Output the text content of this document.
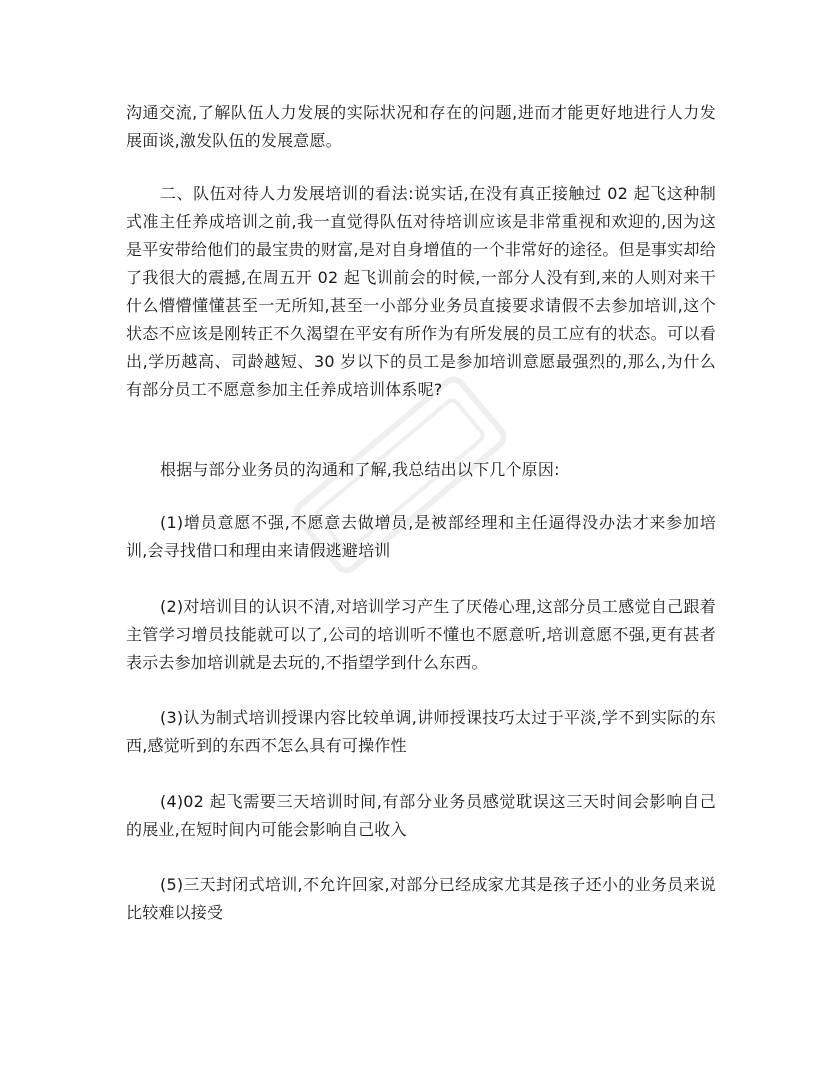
沟通交流,了解队伍人力发展的实际状况和存在的问题,进而才能更好地进行人力发展面谈,激发队伍的发展意愿。

二、队伍对待人力发展培训的看法:说实话,在没有真正接触过 02 起飞这种制式准主任养成培训之前,我一直觉得队伍对待培训应该是非常重视和欢迎的,因为这是平安带给他们的最宝贵的财富,是对自身增值的一个非常好的途径。但是事实却给了我很大的震撼,在周五开 02 起飞训前会的时候,一部分人没有到,来的人则对来干什么懵懵懂懂甚至一无所知,甚至一小部分业务员直接要求请假不去参加培训,这个状态不应该是刚转正不久渴望在平安有所作为有所发展的员工应有的状态。可以看出,学历越高、司龄越短、30 岁以下的员工是参加培训意愿最强烈的,那么,为什么有部分员工不愿意参加主任养成培训体系呢?

根据与部分业务员的沟通和了解,我总结出以下几个原因:

(1)增员意愿不强,不愿意去做增员,是被部经理和主任逼得没办法才来参加培训,会寻找借口和理由来请假逃避培训

(2)对培训目的认识不清,对培训学习产生了厌倦心理,这部分员工感觉自己跟着主管学习增员技能就可以了,公司的培训听不懂也不愿意听,培训意愿不强,更有甚者表示去参加培训就是去玩的,不指望学到什么东西。

(3)认为制式培训授课内容比较单调,讲师授课技巧太过于平淡,学不到实际的东西,感觉听到的东西不怎么具有可操作性

(4)02 起飞需要三天培训时间,有部分业务员感觉耽误这三天时间会影响自己的展业,在短时间内可能会影响自己收入

(5)三天封闭式培训,不允许回家,对部分已经成家尤其是孩子还小的业务员来说比较难以接受
